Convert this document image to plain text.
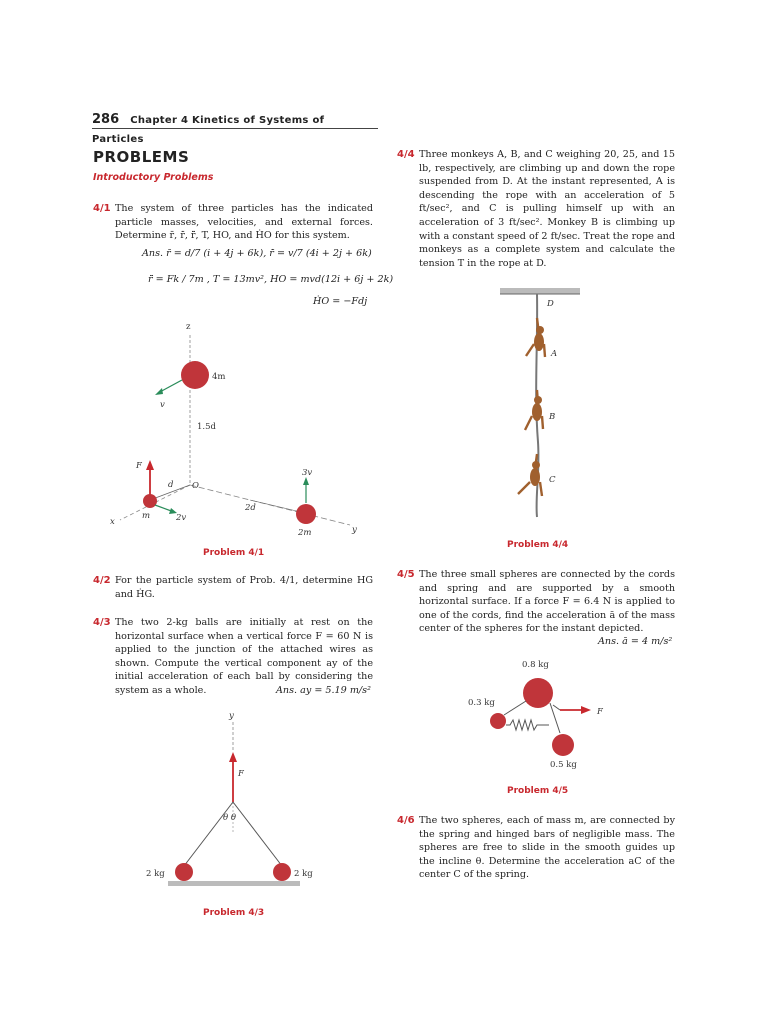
286 Chapter 4 Kinetics of Systems of Particles
PROBLEMS
Introductory Problems
4/1 The system of three particles has the indicated particle masses, velocities, and external forces. Determine r̄, r̄̇, r̄̈, T, HO, and ḢO for this system.
Ans. r̄ = d/7 (i + 4j + 6k), r̄̇ = v/7 (4i + 2j + 6k)
r̄̈ = Fk / 7m , T = 13mv², HO = mvd(12i + 6j + 2k)
ḢO = −Fdj
z
4m
v
1.5d
F
d O
x
m	2v
2d
3v
2m	y
Problem 4/1
4/2 For the particle system of Prob. 4/1, determine HG and ḢG.
4/3 The two 2-kg balls are initially at rest on the horizontal surface when a vertical force F = 60 N is applied to the junction of the attached wires as shown. Compute the vertical component ay of the initial acceleration of each ball by considering the system as a whole.	Ans. ay = 5.19 m/s²
y
F
θ θ
2 kg	2 kg
Problem 4/3
4/4 Three monkeys A, B, and C weighing 20, 25, and 15 lb, respectively, are climbing up and down the rope suspended from D. At the instant represented, A is descending the rope with an acceleration of 5 ft/sec², and C is pulling himself up with an acceleration of 3 ft/sec². Monkey B is climbing up with a constant speed of 2 ft/sec. Treat the rope and monkeys as a complete system and calculate the tension T in the rope at D.
D
A
B
C
Problem 4/4
4/5 The three small spheres are connected by the cords and spring and are supported by a smooth horizontal surface. If a force F = 6.4 N is applied to one of the cords, find the acceleration ā of the mass center of the spheres for the instant depicted.
Ans. ā = 4 m/s²
0.8 kg
0.3 kg
0.5 kg
F
Problem 4/5
4/6 The two spheres, each of mass m, are connected by the spring and hinged bars of negligible mass. The spheres are free to slide in the smooth guides up the incline θ. Determine the acceleration aC of the center C of the spring.
